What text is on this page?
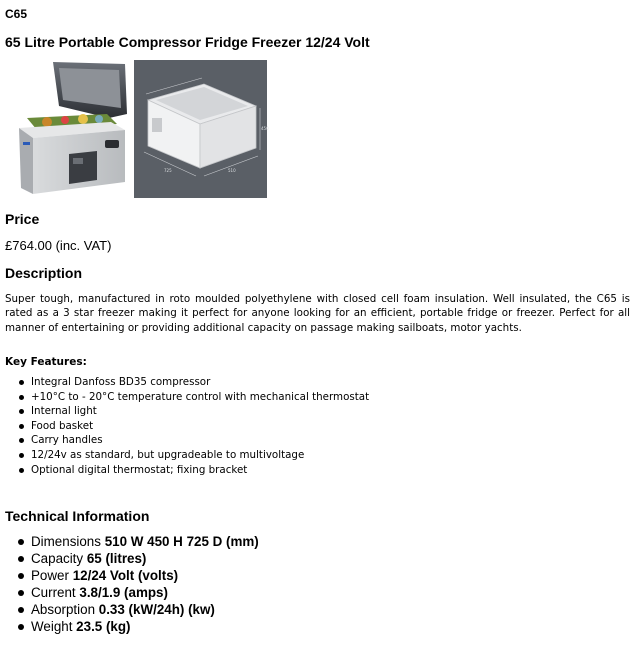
C65
65 Litre Portable Compressor Fridge Freezer 12/24 Volt
725	510
450
Price
£764.00 (inc. VAT)
Description
Super tough, manufactured in roto moulded polyethylene with closed cell foam insulation. Well insulated, the C65 is rated as a 3 star freezer making it perfect for anyone looking for an efficient, portable fridge or freezer. Perfect for all manner of entertaining or providing additional capacity on passage making sailboats, motor yachts.
Key Features:
Integral Danfoss BD35 compressor
+10°C to - 20°C temperature control with mechanical thermostat
Internal light
Food basket
Carry handles
12/24v as standard, but upgradeable to multivoltage
Optional digital thermostat; fixing bracket
Technical Information
Dimensions 510 W 450 H 725 D (mm)
Capacity 65 (litres)
Power 12/24 Volt (volts)
Current 3.8/1.9 (amps)
Absorption 0.33 (kW/24h) (kw)
Weight 23.5 (kg)
